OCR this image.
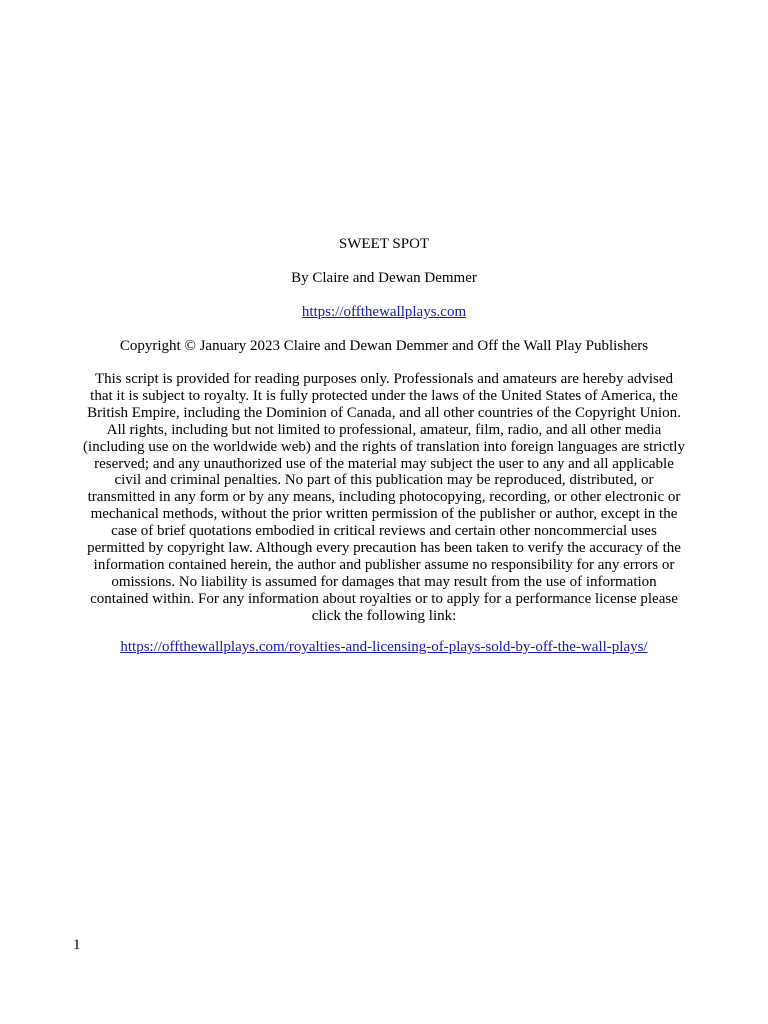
SWEET SPOT
By Claire and Dewan Demmer
https://offthewallplays.com
Copyright © January 2023 Claire and Dewan Demmer and Off the Wall Play Publishers
This script is provided for reading purposes only. Professionals and amateurs are hereby advised
that it is subject to royalty. It is fully protected under the laws of the United States of America, the
British Empire, including the Dominion of Canada, and all other countries of the Copyright Union.
All rights, including but not limited to professional, amateur, film, radio, and all other media
(including use on the worldwide web) and the rights of translation into foreign languages are strictly
reserved; and any unauthorized use of the material may subject the user to any and all applicable
civil and criminal penalties. No part of this publication may be reproduced, distributed, or
transmitted in any form or by any means, including photocopying, recording, or other electronic or
mechanical methods, without the prior written permission of the publisher or author, except in the
case of brief quotations embodied in critical reviews and certain other noncommercial uses
permitted by copyright law. Although every precaution has been taken to verify the accuracy of the
information contained herein, the author and publisher assume no responsibility for any errors or
omissions. No liability is assumed for damages that may result from the use of information
contained within. For any information about royalties or to apply for a performance license please
click the following link:
https://offthewallplays.com/royalties-and-licensing-of-plays-sold-by-off-the-wall-plays/
1
